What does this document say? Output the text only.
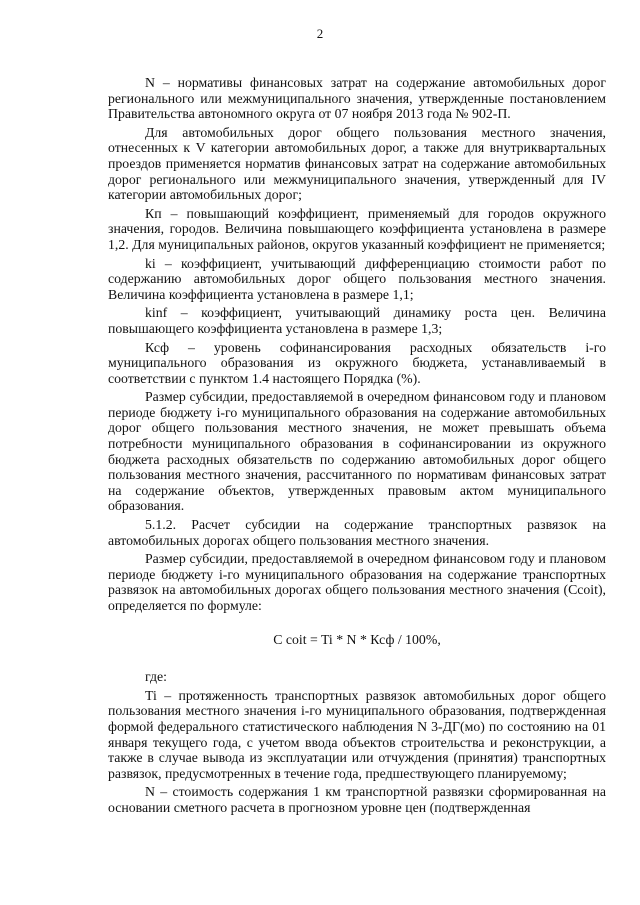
2

N – нормативы финансовых затрат на содержание автомобильных дорог регионального или межмуниципального значения, утвержденные постановлением Правительства автономного округа от 07 ноября 2013 года № 902-П.

Для автомобильных дорог общего пользования местного значения, отнесенных к V категории автомобильных дорог, а также для внутриквартальных проездов применяется норматив финансовых затрат на содержание автомобильных дорог регионального или межмуниципального значения, утвержденный для IV категории автомобильных дорог;

Кп – повышающий коэффициент, применяемый для городов окружного значения, городов. Величина повышающего коэффициента установлена в размере 1,2. Для муниципальных районов, округов указанный коэффициент не применяется;

ki – коэффициент, учитывающий дифференциацию стоимости работ по содержанию автомобильных дорог общего пользования местного значения. Величина коэффициента установлена в размере 1,1;

kinf – коэффициент, учитывающий динамику роста цен. Величина повышающего коэффициента установлена в размере 1,3;

Ксф – уровень софинансирования расходных обязательств i-го муниципального образования из окружного бюджета, устанавливаемый в соответствии с пунктом 1.4 настоящего Порядка (%).

Размер субсидии, предоставляемой в очередном финансовом году и плановом периоде бюджету i-го муниципального образования на содержание автомобильных дорог общего пользования местного значения, не может превышать объема потребности муниципального образования в софинансировании из окружного бюджета расходных обязательств по содержанию автомобильных дорог общего пользования местного значения, рассчитанного по нормативам финансовых затрат на содержание объектов, утвержденных правовым актом муниципального образования.

5.1.2. Расчет субсидии на содержание транспортных развязок на автомобильных дорогах общего пользования местного значения.

Размер субсидии, предоставляемой в очередном финансовом году и плановом периоде бюджету i-го муниципального образования на содержание транспортных развязок на автомобильных дорогах общего пользования местного значения (Ccoit), определяется по формуле:

С coit = Ti * N * Ксф / 100%,

где:

Ti – протяженность транспортных развязок автомобильных дорог общего пользования местного значения i-го муниципального образования, подтвержденная формой федерального статистического наблюдения N 3-ДГ(мо) по состоянию на 01 января текущего года, с учетом ввода объектов строительства и реконструкции, а также в случае вывода из эксплуатации или отчуждения (принятия) транспортных развязок, предусмотренных в течение года, предшествующего планируемому;

N – стоимость содержания 1 км транспортной развязки сформированная на основании сметного расчета в прогнозном уровне цен (подтвержденная
